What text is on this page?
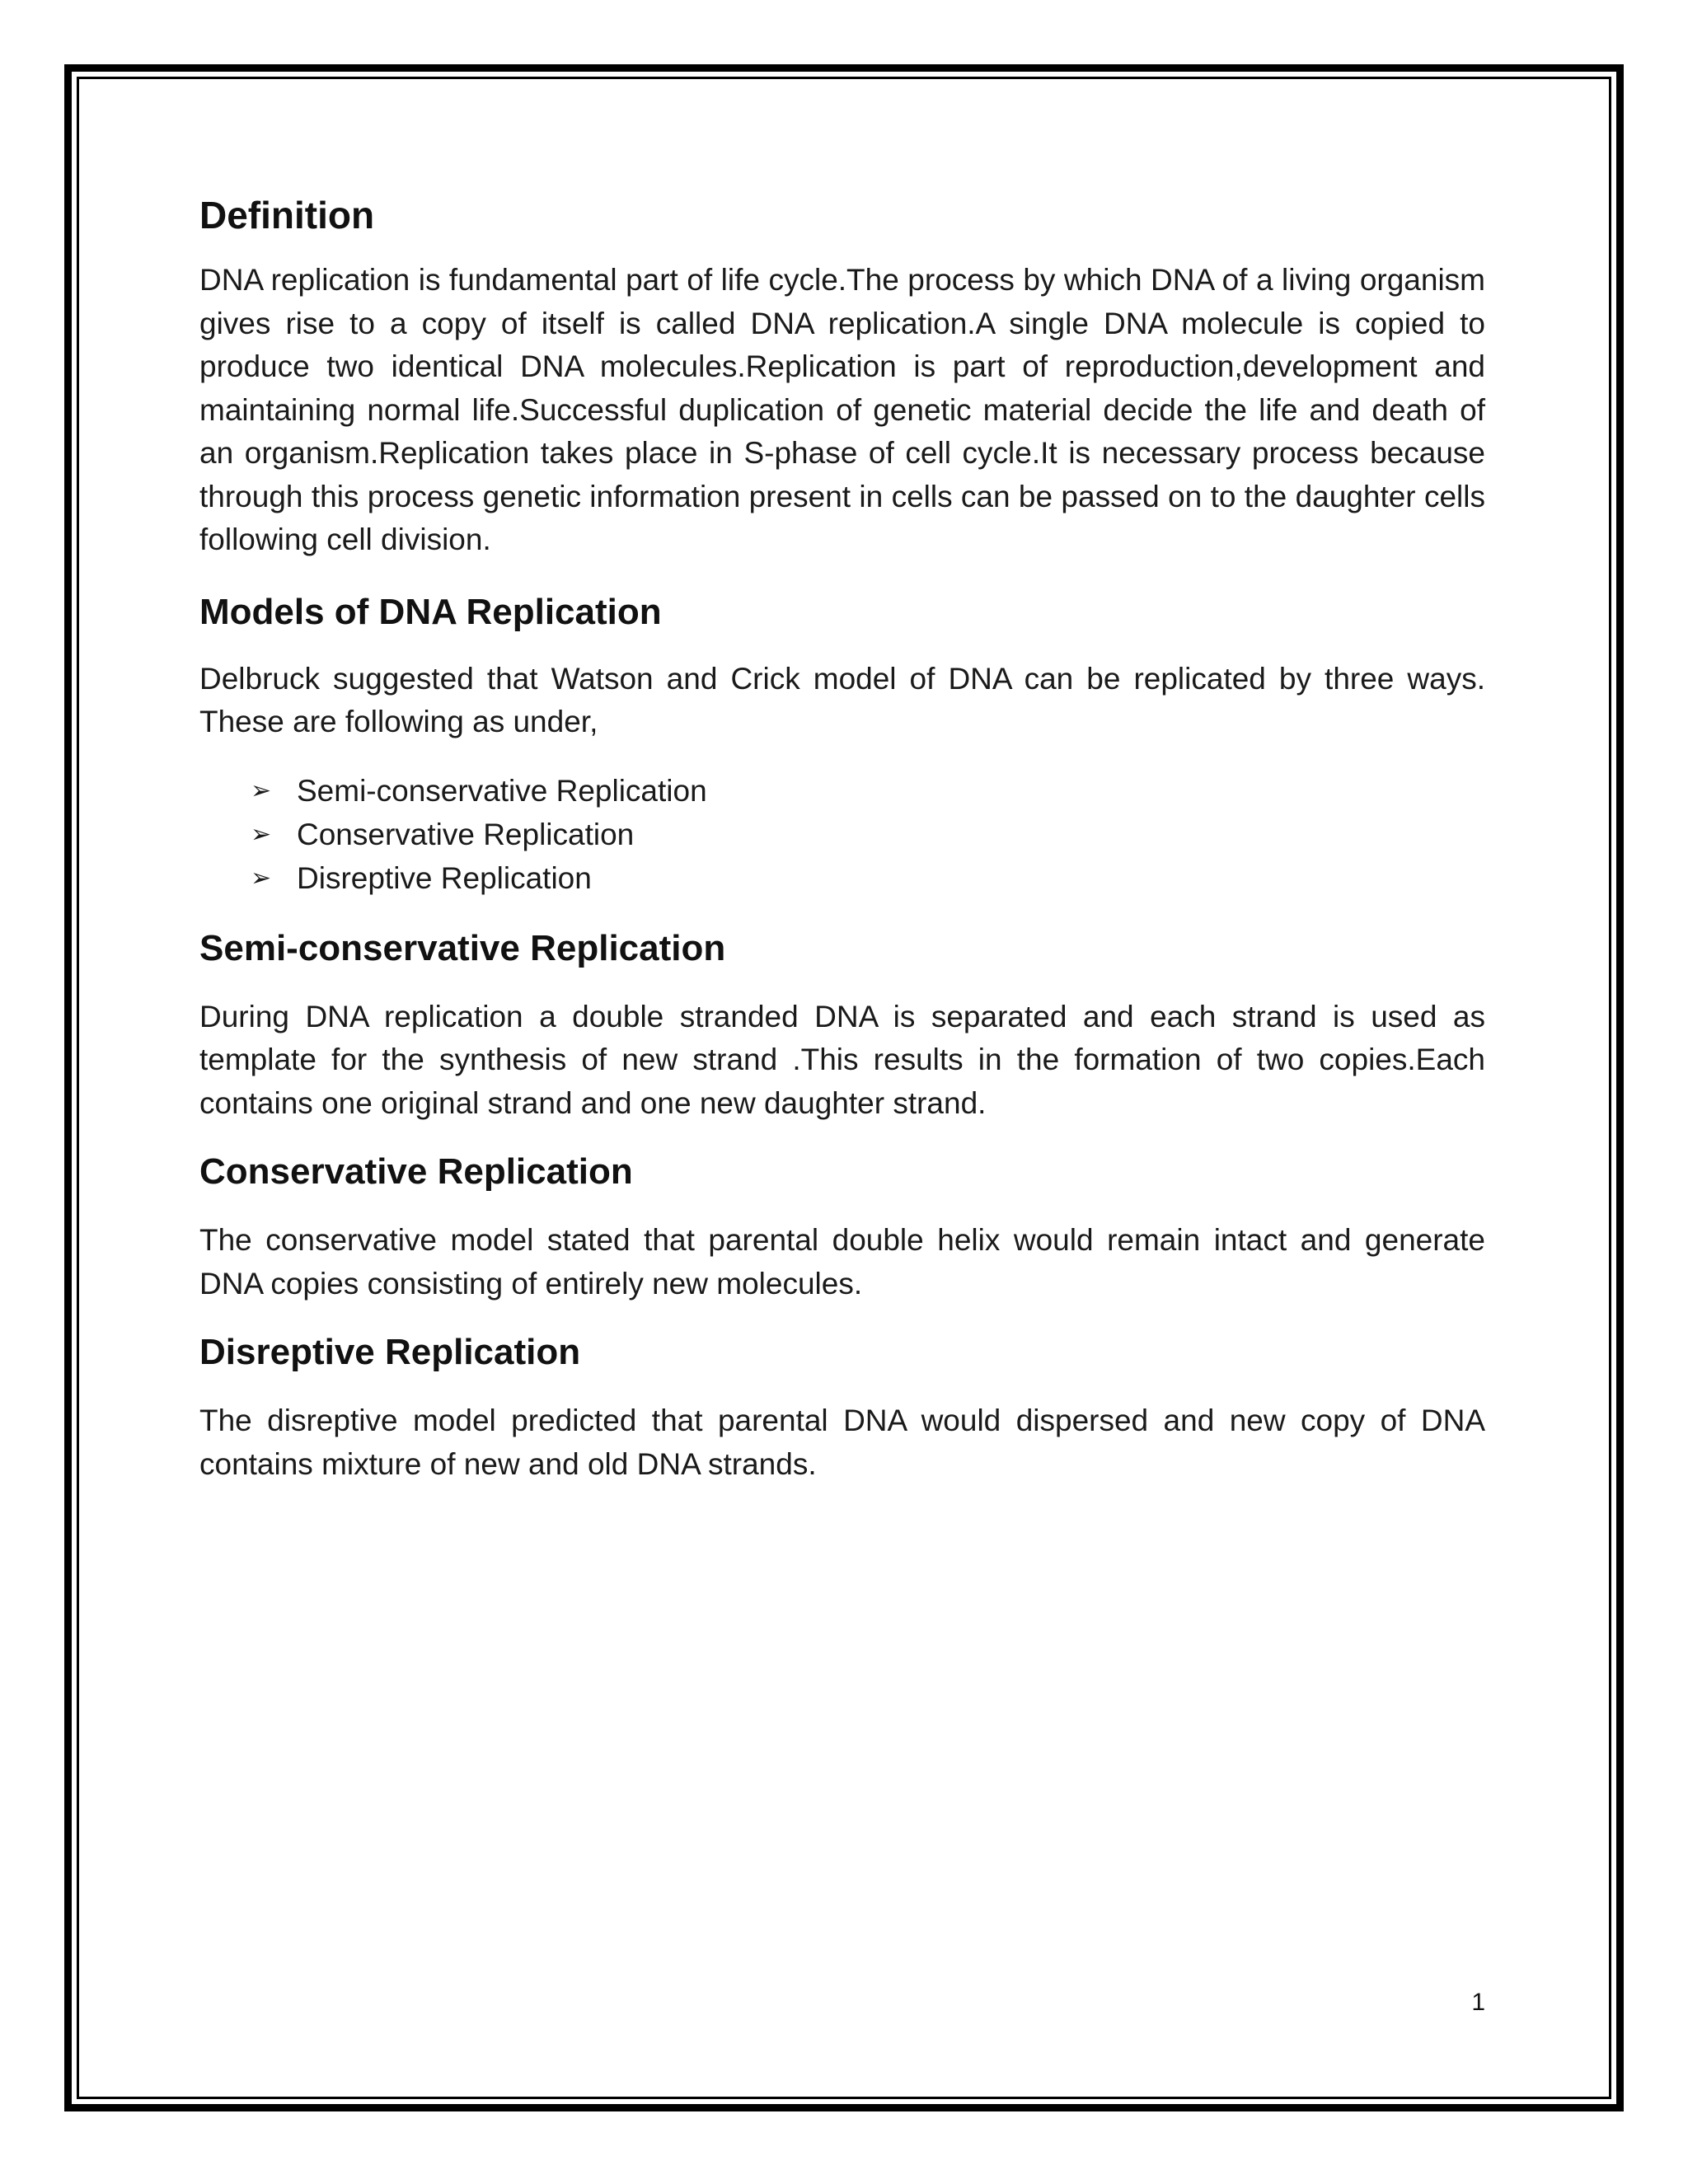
Definition

DNA replication is fundamental part of life cycle.The process by which DNA of a living organism gives rise to a copy of itself is called DNA replication.A single DNA molecule is copied to produce two identical DNA molecules.Replication is part of reproduction,development and maintaining normal life.Successful duplication of genetic material decide the life and death of an organism.Replication takes place in S-phase of cell cycle.It is necessary process because through this process genetic information present in cells can be passed on to the daughter cells following cell division.

Models of DNA Replication

Delbruck suggested that Watson and Crick model of DNA can be replicated by three ways. These are following as under,

➢ Semi-conservative Replication
➢ Conservative Replication
➢ Disreptive Replication
Semi-conservative Replication

During DNA replication a double stranded DNA is separated and each strand is used as template for the synthesis of new strand .This results in the formation of two copies.Each contains one original strand and one new daughter strand.

Conservative Replication

The conservative model stated that parental double helix would remain intact and generate DNA copies consisting of entirely new molecules.

Disreptive Replication

The disreptive model predicted that parental DNA would dispersed and new copy of DNA contains mixture of new and old DNA strands.

1
